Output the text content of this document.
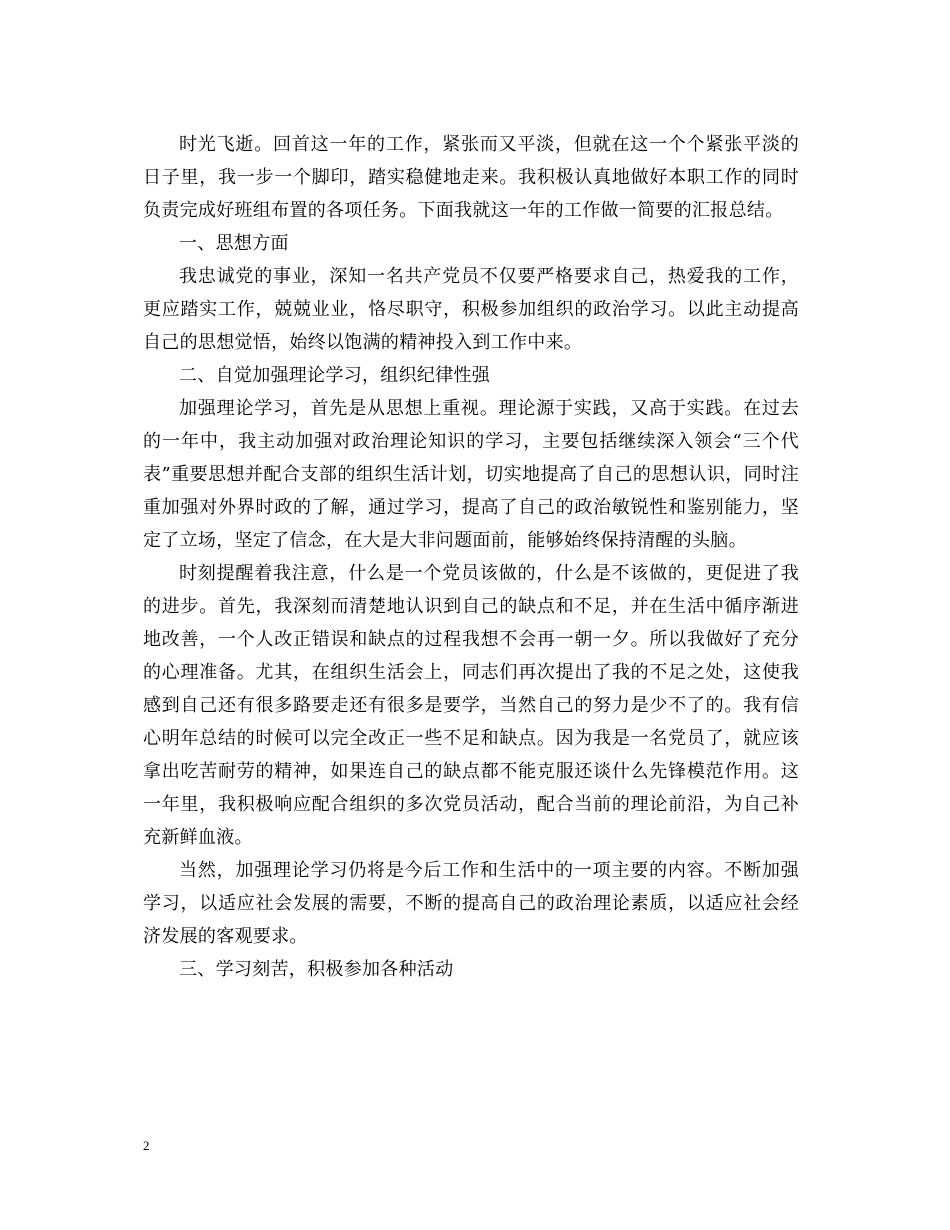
时光飞逝。回首这一年的工作，紧张而又平淡，但就在这一个个紧张平淡的日子里，我一步一个脚印，踏实稳健地走来。我积极认真地做好本职工作的同时负责完成好班组布置的各项任务。下面我就这一年的工作做一简要的汇报总结。

一、思想方面

我忠诚党的事业，深知一名共产党员不仅要严格要求自己，热爱我的工作，更应踏实工作，兢兢业业，恪尽职守，积极参加组织的政治学习。以此主动提高自己的思想觉悟，始终以饱满的精神投入到工作中来。

二、自觉加强理论学习，组织纪律性强

加强理论学习，首先是从思想上重视。理论源于实践，又高于实践。在过去的一年中，我主动加强对政治理论知识的学习，主要包括继续深入领会“三个代表”重要思想并配合支部的组织生活计划，切实地提高了自己的思想认识，同时注重加强对外界时政的了解，通过学习，提高了自己的政治敏锐性和鉴别能力，坚定了立场，坚定了信念，在大是大非问题面前，能够始终保持清醒的头脑。

时刻提醒着我注意，什么是一个党员该做的，什么是不该做的，更促进了我的进步。首先，我深刻而清楚地认识到自己的缺点和不足，并在生活中循序渐进地改善，一个人改正错误和缺点的过程我想不会再一朝一夕。所以我做好了充分的心理准备。尤其，在组织生活会上，同志们再次提出了我的不足之处，这使我感到自己还有很多路要走还有很多是要学，当然自己的努力是少不了的。我有信心明年总结的时候可以完全改正一些不足和缺点。因为我是一名党员了，就应该拿出吃苦耐劳的精神，如果连自己的缺点都不能克服还谈什么先锋模范作用。这一年里，我积极响应配合组织的多次党员活动，配合当前的理论前沿，为自己补充新鲜血液。

当然，加强理论学习仍将是今后工作和生活中的一项主要的内容。不断加强学习，以适应社会发展的需要，不断的提高自己的政治理论素质，以适应社会经济发展的客观要求。

三、学习刻苦，积极参加各种活动

2
